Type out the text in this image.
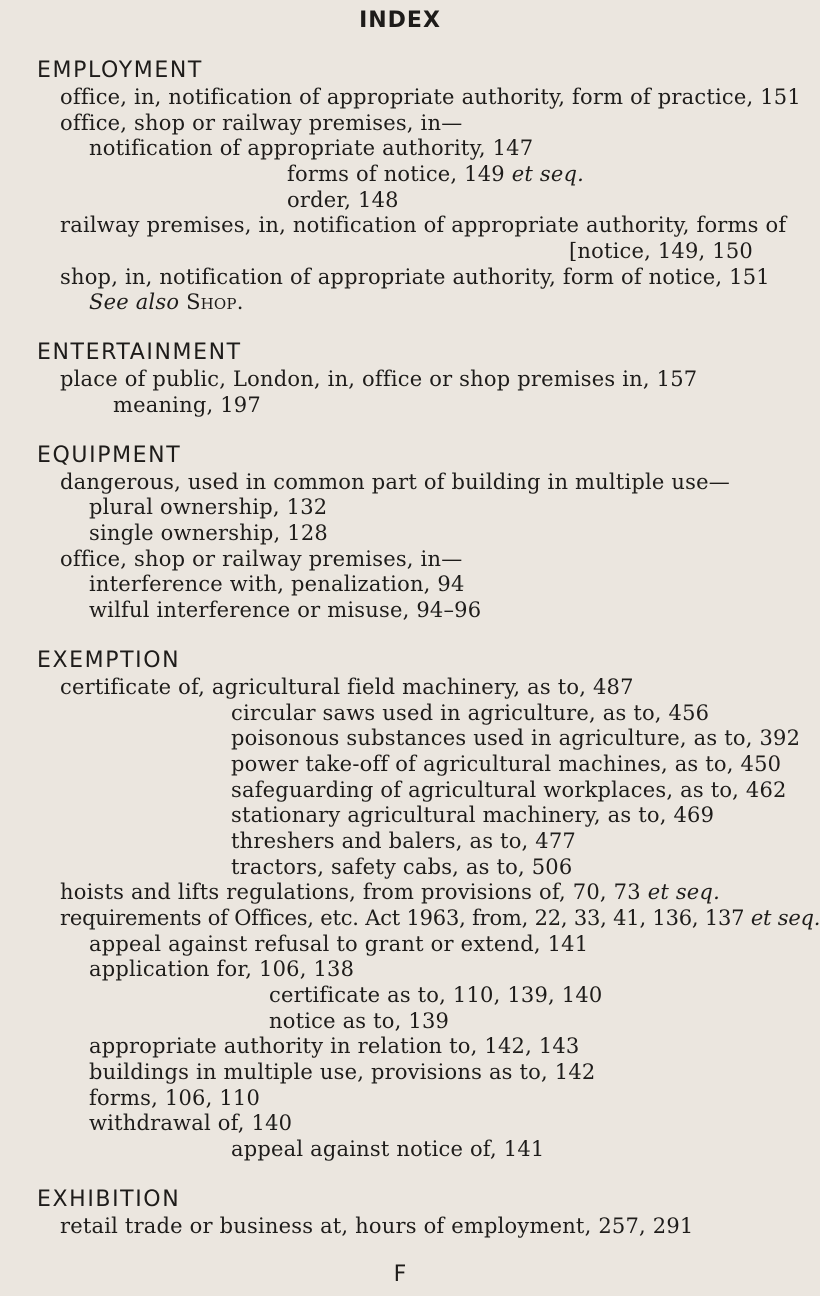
INDEX
EMPLOYMENT
office, in, notification of appropriate authority, form of practice, 151
office, shop or railway premises, in—
notification of appropriate authority, 147
forms of notice, 149 et seq.
order, 148
railway premises, in, notification of appropriate authority, forms of
[notice, 149, 150
shop, in, notification of appropriate authority, form of notice, 151
See also Shop.
ENTERTAINMENT
place of public, London, in, office or shop premises in, 157
meaning, 197
EQUIPMENT
dangerous, used in common part of building in multiple use—
plural ownership, 132
single ownership, 128
office, shop or railway premises, in—
interference with, penalization, 94
wilful interference or misuse, 94–96
EXEMPTION
certificate of, agricultural field machinery, as to, 487
circular saws used in agriculture, as to, 456
poisonous substances used in agriculture, as to, 392
power take-off of agricultural machines, as to, 450
safeguarding of agricultural workplaces, as to, 462
stationary agricultural machinery, as to, 469
threshers and balers, as to, 477
tractors, safety cabs, as to, 506
hoists and lifts regulations, from provisions of, 70, 73 et seq.
requirements of Offices, etc. Act 1963, from, 22, 33, 41, 136, 137 et seq.
appeal against refusal to grant or extend, 141
application for, 106, 138
certificate as to, 110, 139, 140
notice as to, 139
appropriate authority in relation to, 142, 143
buildings in multiple use, provisions as to, 142
forms, 106, 110
withdrawal of, 140
appeal against notice of, 141
EXHIBITION
retail trade or business at, hours of employment, 257, 291
F
